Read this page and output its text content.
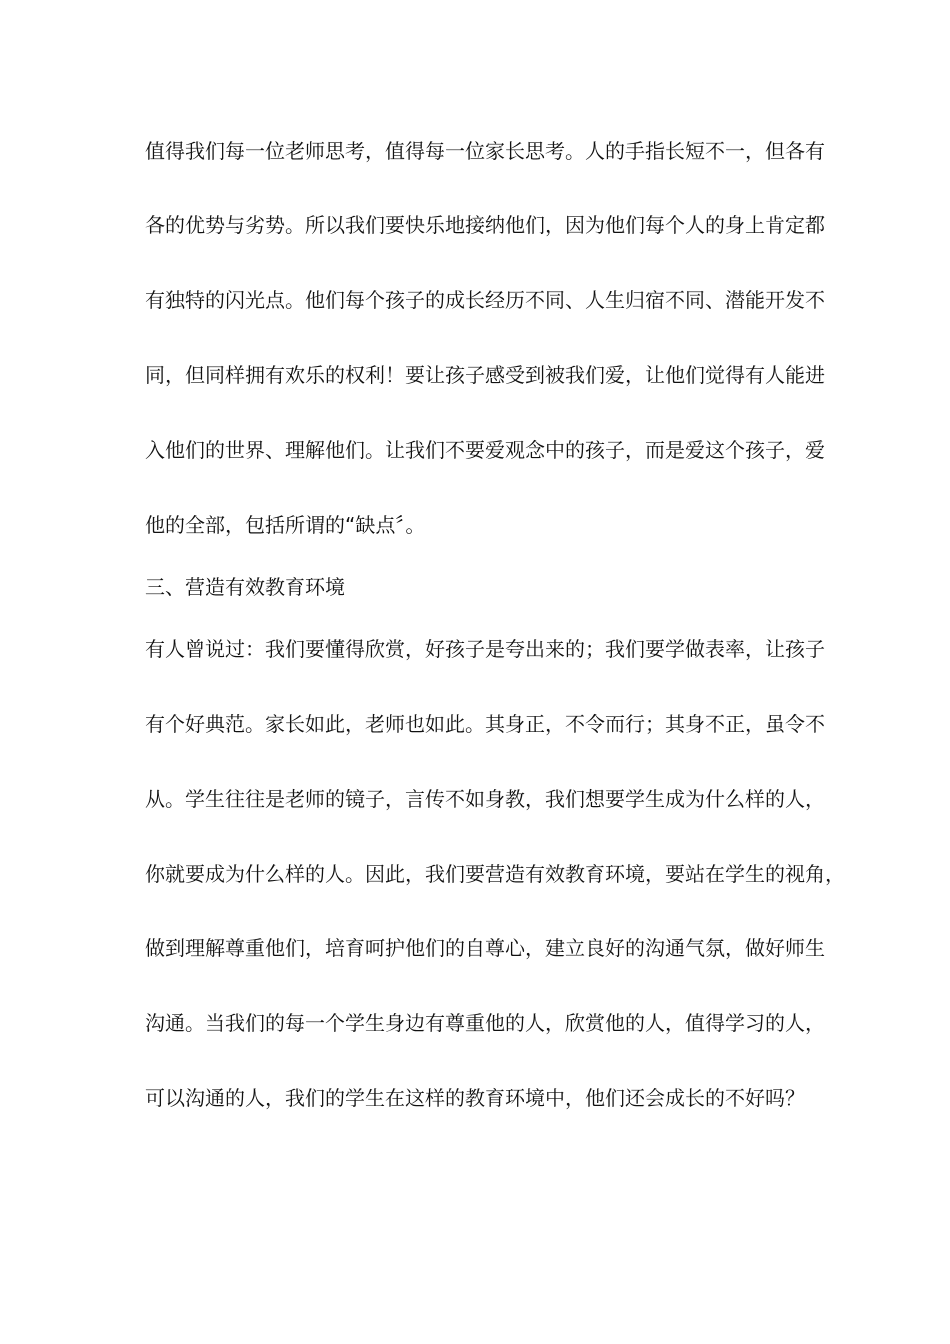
值得我们每一位老师思考，值得每一位家长思考。人的手指长短不一，但各有
各的优势与劣势。所以我们要快乐地接纳他们，因为他们每个人的身上肯定都
有独特的闪光点。他们每个孩子的成长经历不同、人生归宿不同、潜能开发不
同，但同样拥有欢乐的权利！要让孩子感受到被我们爱，让他们觉得有人能进
入他们的世界、理解他们。让我们不要爱观念中的孩子，而是爱这个孩子，爱
他的全部，包括所谓的“缺点〞。
三、营造有效教育环境
有人曾说过：我们要懂得欣赏，好孩子是夸出来的；我们要学做表率，让孩子
有个好典范。家长如此，老师也如此。其身正，不令而行；其身不正，虽令不
从。学生往往是老师的镜子，言传不如身教，我们想要学生成为什么样的人，
你就要成为什么样的人。因此，我们要营造有效教育环境，要站在学生的视角，
做到理解尊重他们，培育呵护他们的自尊心，建立良好的沟通气氛，做好师生
沟通。当我们的每一个学生身边有尊重他的人，欣赏他的人，值得学习的人，
可以沟通的人，我们的学生在这样的教育环境中，他们还会成长的不好吗？
